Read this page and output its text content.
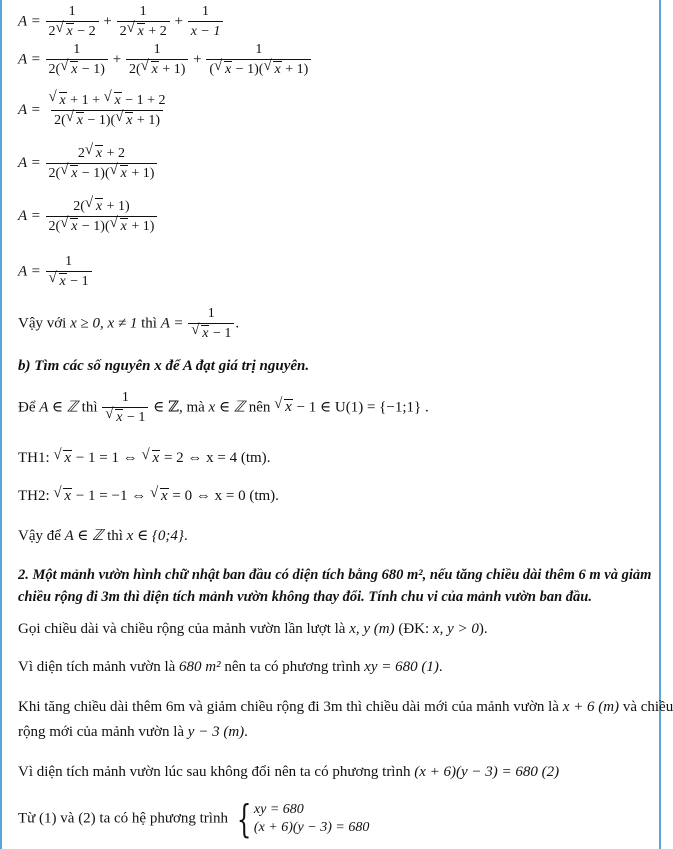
$A = \frac{1}{2 √ x - 2} + \frac{1}{2 √ x + 2} + \frac{1}{x - 1}$
$A = \frac{1}{2( √ x - 1)} + \frac{1}{2( √ x + 1)} + \frac{1}{( √ x - 1)( √ x + 1)}$
A = √ $\frac{x + 1 + √ x - 1 + 2}{2( √ x - 1)( √ x + 1)}$
$A = \frac{2 √ x + 2}{2( √ x - 1)( √ x + 1)}$
$A = \frac{2( √ x + 1)}{2( √ x - 1)( √ x + 1)}$
A = 1
√ x − 1
Vậy với x ≥ 0, x ≠ 1 thì A = 1
√ x − 1 .
b) Tìm các số nguyên x để A đạt giá trị nguyên.
Để A ∈ ℤ thì 1
√ x − 1 ∈ ℤ, mà x ∈ ℤ nên √ x − 1 ∈ U(1) = {−1;1} .
TH1: √ x − 1 = 1 ⇔ √ x = 2 ⇔ x = 4 (tm).
TH2: √ x − 1 = −1 ⇔ √ x = 0 ⇔ x = 0 (tm).
Vậy để A ∈ ℤ thì x ∈ {0;4}.
2. Một mảnh vườn hình chữ nhật ban đầu có diện tích bằng 680 m², nếu tăng chiều dài thêm 6 m và giảm
chiều rộng đi 3m thì diện tích mảnh vườn không thay đổi. Tính chu vi của mảnh vườn ban đầu.
Gọi chiều dài và chiều rộng của mảnh vườn lần lượt là x, y (m) (ĐK: x, y > 0).
Vì diện tích mảnh vườn là 680 m² nên ta có phương trình xy = 680 (1).
Khi tăng chiều dài thêm 6m và giảm chiều rộng đi 3m thì chiều dài mới của mảnh vườn là x + 6 (m) và chiều
rộng mới của mảnh vườn là y − 3 (m).
Vì diện tích mảnh vườn lúc sau không đổi nên ta có phương trình (x + 6)(y − 3) = 680 (2)
Từ (1) và (2) ta có hệ phương trình { xy = 680
(x + 6)(y − 3) = 680
